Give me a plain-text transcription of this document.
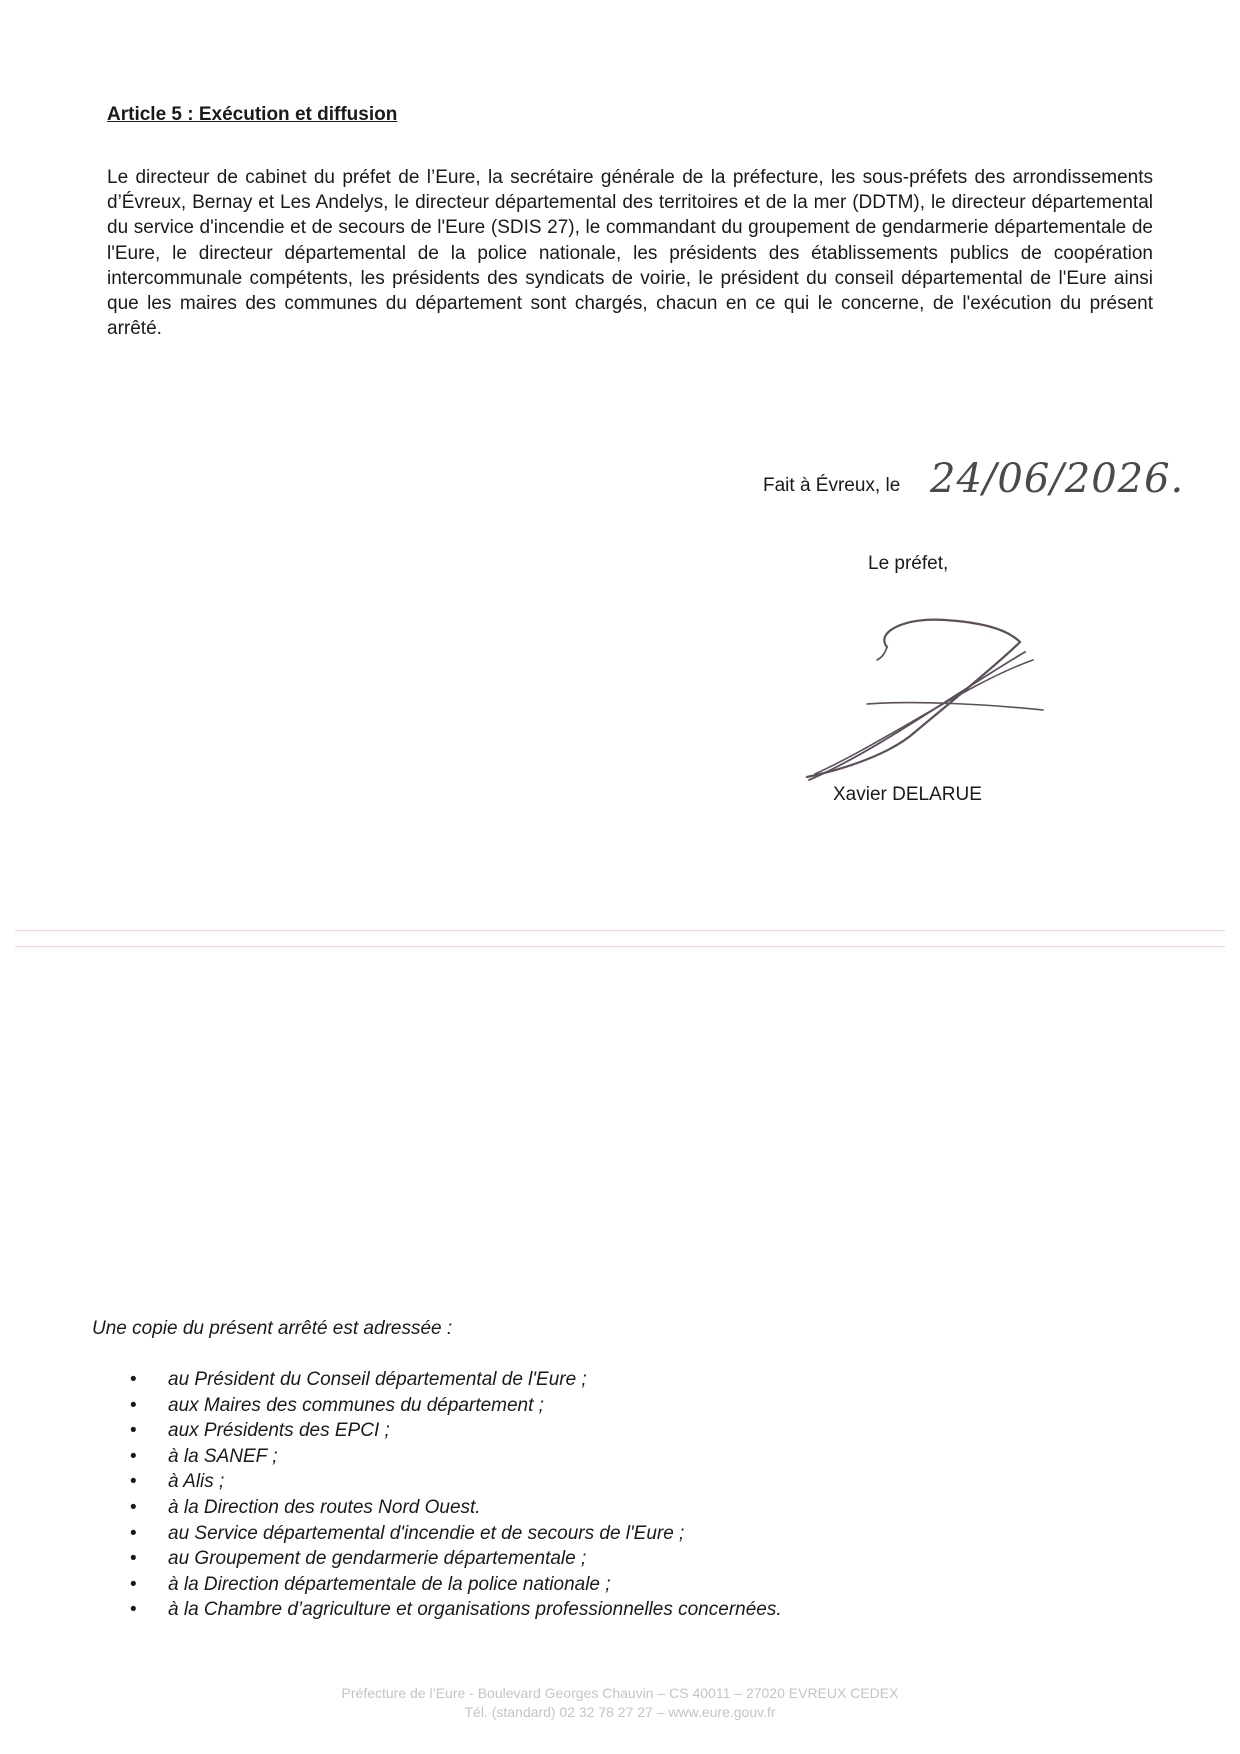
Article 5 : Exécution et diffusion

Le directeur de cabinet du préfet de l’Eure, la secrétaire générale de la préfecture, les sous-préfets des arrondissements d’Évreux, Bernay et Les Andelys, le directeur départemental des territoires et de la mer (DDTM), le directeur départemental du service d'incendie et de secours de l'Eure (SDIS 27), le commandant du groupement de gendarmerie départementale de l'Eure, le directeur départemental de la police nationale, les présidents des établissements publics de coopération intercommunale compétents, les présidents des syndicats de voirie, le président du conseil départemental de l'Eure ainsi que les maires des communes du département sont chargés, chacun en ce qui le concerne, de l'exécution du présent arrêté.

Fait à Évreux, le 24/06/2026.
Le préfet,
Xavier DELARUE
Une copie du présent arrêté est adressée :
• au Président du Conseil départemental de l'Eure ;
• aux Maires des communes du département ;
• aux Présidents des EPCI ;
• à la SANEF ;
• à Alis ;
• à la Direction des routes Nord Ouest.
• au Service départemental d'incendie et de secours de l'Eure ;
• au Groupement de gendarmerie départementale ;
• à la Direction départementale de la police nationale ;
• à la Chambre d’agriculture et organisations professionnelles concernées.
Préfecture de l’Eure - Boulevard Georges Chauvin – CS 40011 – 27020 EVREUX CEDEX
Tél. (standard) 02 32 78 27 27 – www.eure.gouv.fr
